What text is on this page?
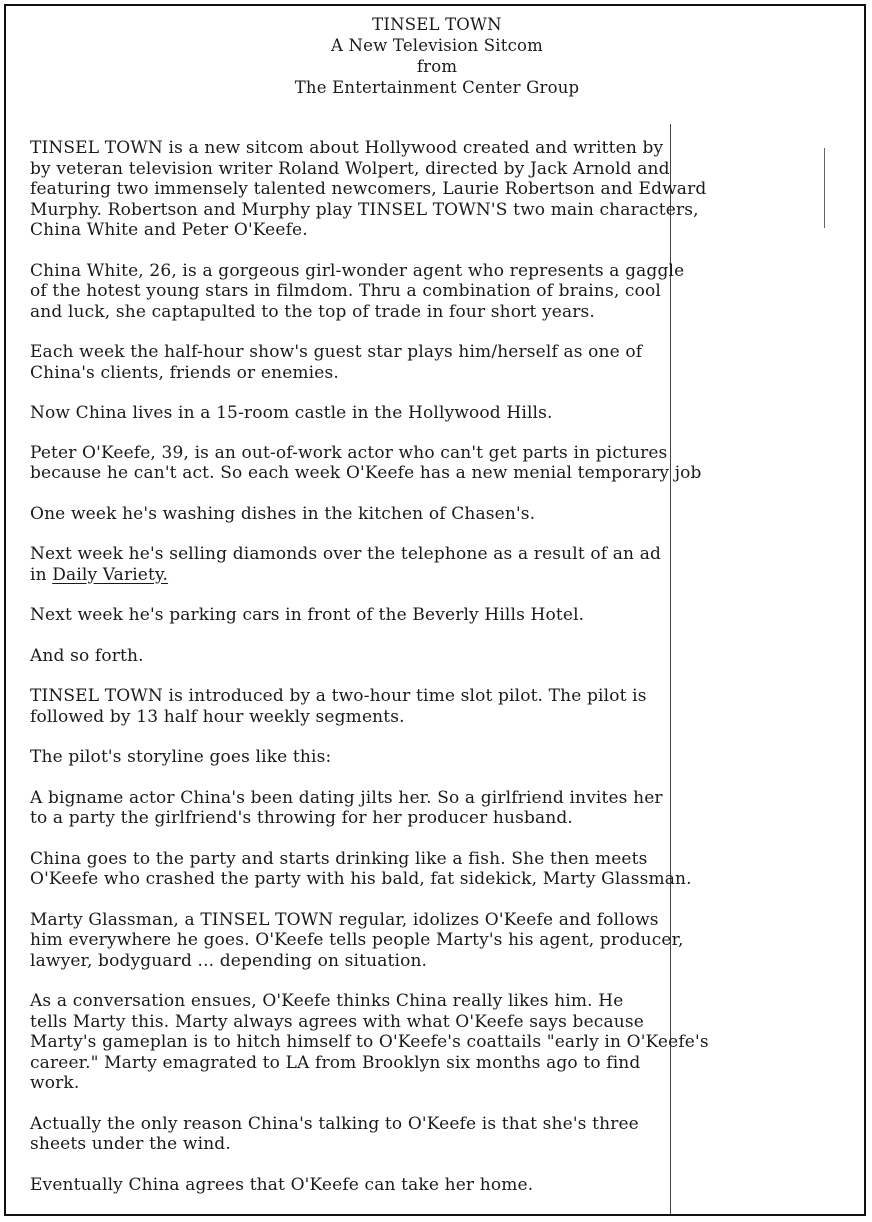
TINSEL TOWN
A New Television Sitcom
from
The Entertainment Center Group
TINSEL TOWN is a new sitcom about Hollywood created and written by
by veteran television writer Roland Wolpert, directed by Jack Arnold and
featuring two immensely talented newcomers, Laurie Robertson and Edward
Murphy. Robertson and Murphy play TINSEL TOWN'S two main characters,
China White and Peter O'Keefe.
China White, 26, is a gorgeous girl-wonder agent who represents a gaggle
of the hotest young stars in filmdom. Thru a combination of brains, cool
and luck, she captapulted to the top of trade in four short years.
Each week the half-hour show's guest star plays him/herself as one of
China's clients, friends or enemies.
Now China lives in a 15-room castle in the Hollywood Hills.
Peter O'Keefe, 39, is an out-of-work actor who can't get parts in pictures
because he can't act. So each week O'Keefe has a new menial temporary job
One week he's washing dishes in the kitchen of Chasen's.
Next week he's selling diamonds over the telephone as a result of an ad
in Daily Variety.
Next week he's parking cars in front of the Beverly Hills Hotel.
And so forth.
TINSEL TOWN is introduced by a two-hour time slot pilot. The pilot is
followed by 13 half hour weekly segments.
The pilot's storyline goes like this:
A bigname actor China's been dating jilts her. So a girlfriend invites her
to a party the girlfriend's throwing for her producer husband.
China goes to the party and starts drinking like a fish. She then meets
O'Keefe who crashed the party with his bald, fat sidekick, Marty Glassman.
Marty Glassman, a TINSEL TOWN regular, idolizes O'Keefe and follows
him everywhere he goes. O'Keefe tells people Marty's his agent, producer,
lawyer, bodyguard ... depending on situation.
As a conversation ensues, O'Keefe thinks China really likes him. He
tells Marty this. Marty always agrees with what O'Keefe says because
Marty's gameplan is to hitch himself to O'Keefe's coattails "early in O'Keefe's
career." Marty emagrated to LA from Brooklyn six months ago to find
work.
Actually the only reason China's talking to O'Keefe is that she's three
sheets under the wind.
Eventually China agrees that O'Keefe can take her home.
